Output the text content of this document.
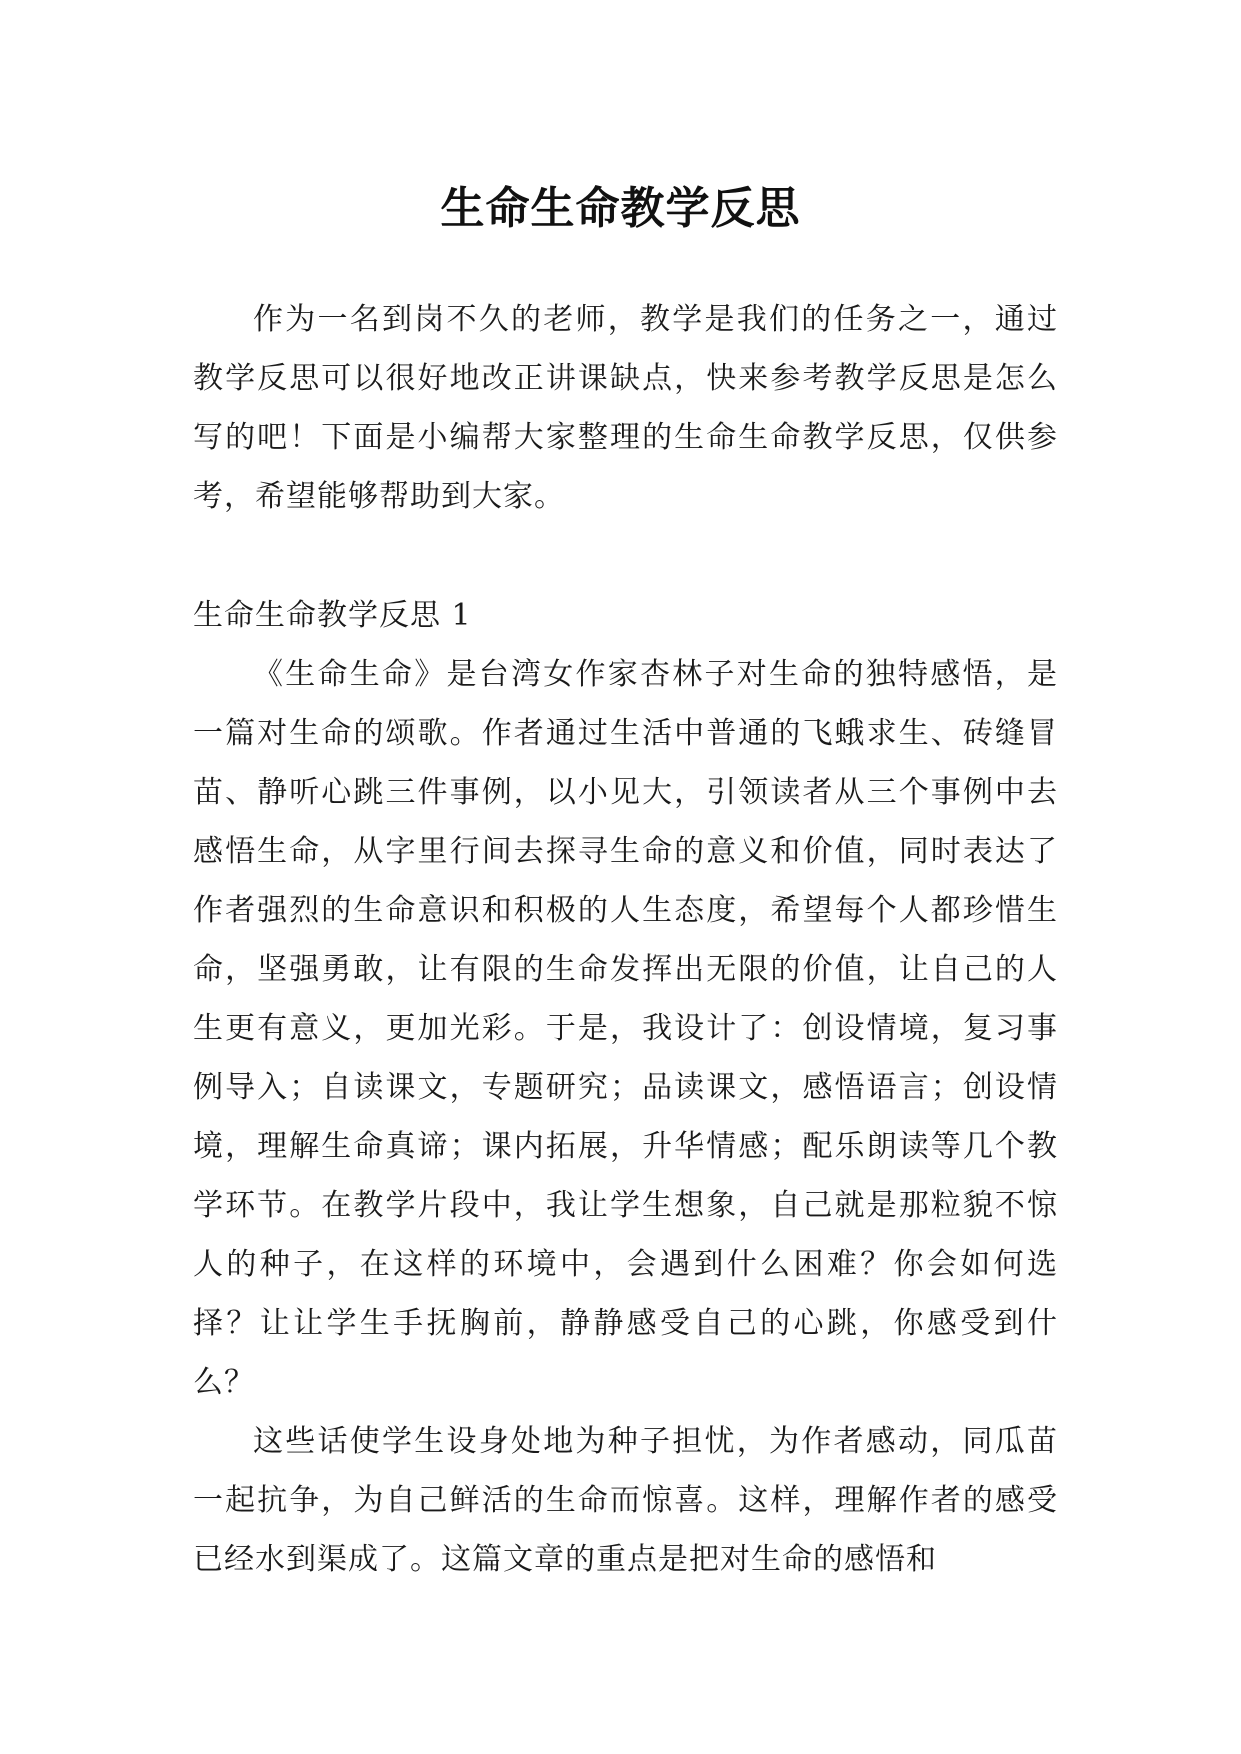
生命生命教学反思

作为一名到岗不久的老师，教学是我们的任务之一，通过教学反思可以很好地改正讲课缺点，快来参考教学反思是怎么写的吧！下面是小编帮大家整理的生命生命教学反思，仅供参考，希望能够帮助到大家。

生命生命教学反思 1

《生命生命》是台湾女作家杏林子对生命的独特感悟，是一篇对生命的颂歌。作者通过生活中普通的飞蛾求生、砖缝冒苗、静听心跳三件事例，以小见大，引领读者从三个事例中去感悟生命，从字里行间去探寻生命的意义和价值，同时表达了作者强烈的生命意识和积极的人生态度，希望每个人都珍惜生命，坚强勇敢，让有限的生命发挥出无限的价值，让自己的人生更有意义，更加光彩。于是，我设计了：创设情境，复习事例导入；自读课文，专题研究；品读课文，感悟语言；创设情境，理解生命真谛；课内拓展，升华情感；配乐朗读等几个教学环节。在教学片段中，我让学生想象，自己就是那粒貌不惊人的种子，在这样的环境中，会遇到什么困难？你会如何选择？让让学生手抚胸前，静静感受自己的心跳，你感受到什么？

这些话使学生设身处地为种子担忧，为作者感动，同瓜苗一起抗争，为自己鲜活的生命而惊喜。这样，理解作者的感受已经水到渠成了。这篇文章的重点是把对生命的感悟和
